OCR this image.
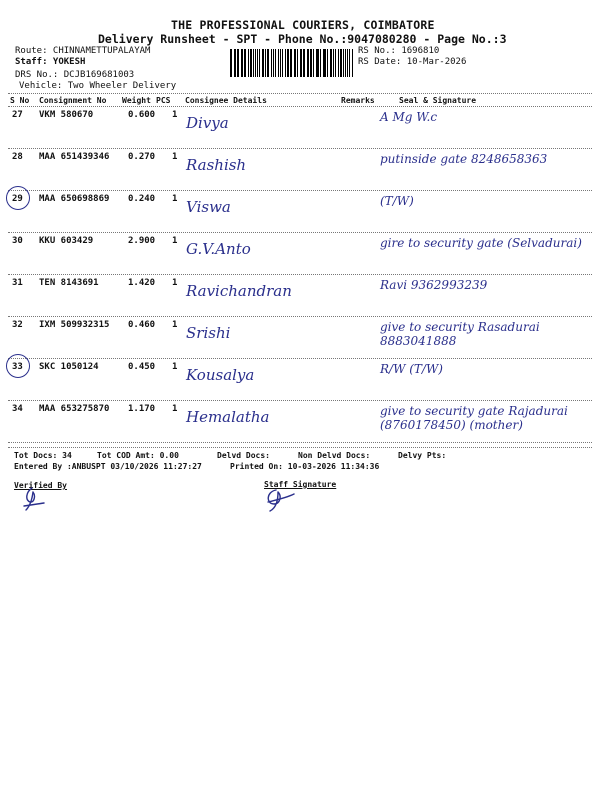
THE PROFESSIONAL COURIERS, COIMBATORE
Delivery Runsheet - SPT - Phone No.:9047080280 - Page No.:3
Route: CHINNAMETTUPALAYAM
Staff: YOKESH
DRS No.: DCJB169681003
Vehicle: Two Wheeler Delivery
RS No.: 1696810
RS Date: 10-Mar-2026
S No Consignment No Weight PCS Consignee Details	Remarks	Seal & Signature
27 VKM 580670	0.600 1 Divya	A Mg W.c
28 MAA 651439346 0.270 1 Rashish	putinside gate 8248658363
29 MAA 650698869 0.240 1 Viswa	(T/W)
30 KKU 603429	2.900 1 G.V.Anto	gire to security gate (Selvadurai)
31 TEN 8143691	1.420 1 Ravichandran	Ravi 9362993239
32 IXM 509932315 0.460 1 Srishi	give to security Rasadurai 8883041888
33 SKC 1050124	0.450 1 Kousalya	R/W (T/W)
34 MAA 653275870 1.170 1 Hemalatha	give to security gate Rajadurai (8760178450) (mother)
Tot Docs: 34	Tot COD Amt: 0.00	Delvd Docs:	Non Delvd Docs:	Delvy Pts:
Entered By :ANBUSPT 03/10/2026 11:27:27	Printed On: 10-03-2026 11:34:36
Verified By	Staff Signature
